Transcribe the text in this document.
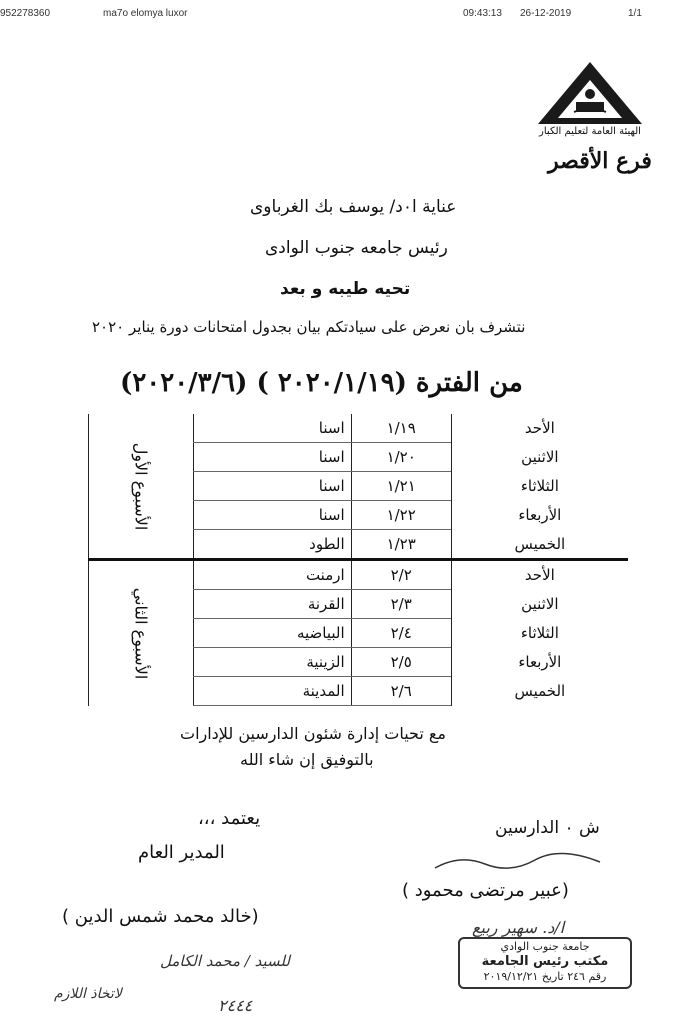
952278360	ma7o elomya luxor	09:43:13 26-12-2019	1/1
الهيئة العامة لتعليم الكبار
فرع الأقصر
عناية ا٠د/ يوسف بك الغرباوى
رئيس جامعه جنوب الوادى
تحيه طيبه و بعد
نتشرف بان نعرض على سيادتكم بيان بجدول امتحانات دورة يناير ٢٠٢٠
من الفترة (٢٠٢٠/١/١٩ ) (٢٠٢٠/٣/٦)
الأحد	١/١٩	اسنا	الأسبوع الأول
الاثنين	١/٢٠	اسنا	
الثلاثاء	١/٢١	اسنا	
الأربعاء	١/٢٢	اسنا	
الخميس	١/٢٣	الطود	
الأحد	٢/٢	ارمنت	الأسبوع الثاني
الاثنين	٢/٣	القرنة	
الثلاثاء	٢/٤	البياضيه	
الأربعاء	٢/٥	الزينية	
الخميس	٢/٦	المدينة	
مع تحيات إدارة شئون الدارسين للإدارات
بالتوفيق إن شاء الله
يعتمد ،،،
المدير العام
(خالد محمد شمس الدين )
ش ٠ الدارسين
(عبير مرتضى محمود )
ا/د. سهير ربيع
للسيد / محمد الكامل
لاتخاذ اللازم
٢٤٤٤
جامعة جنوب الوادي
مكتب رئيس الجامعة
رقم ٢٤٦ تاريخ ٢٠١٩/١٢/٢١
